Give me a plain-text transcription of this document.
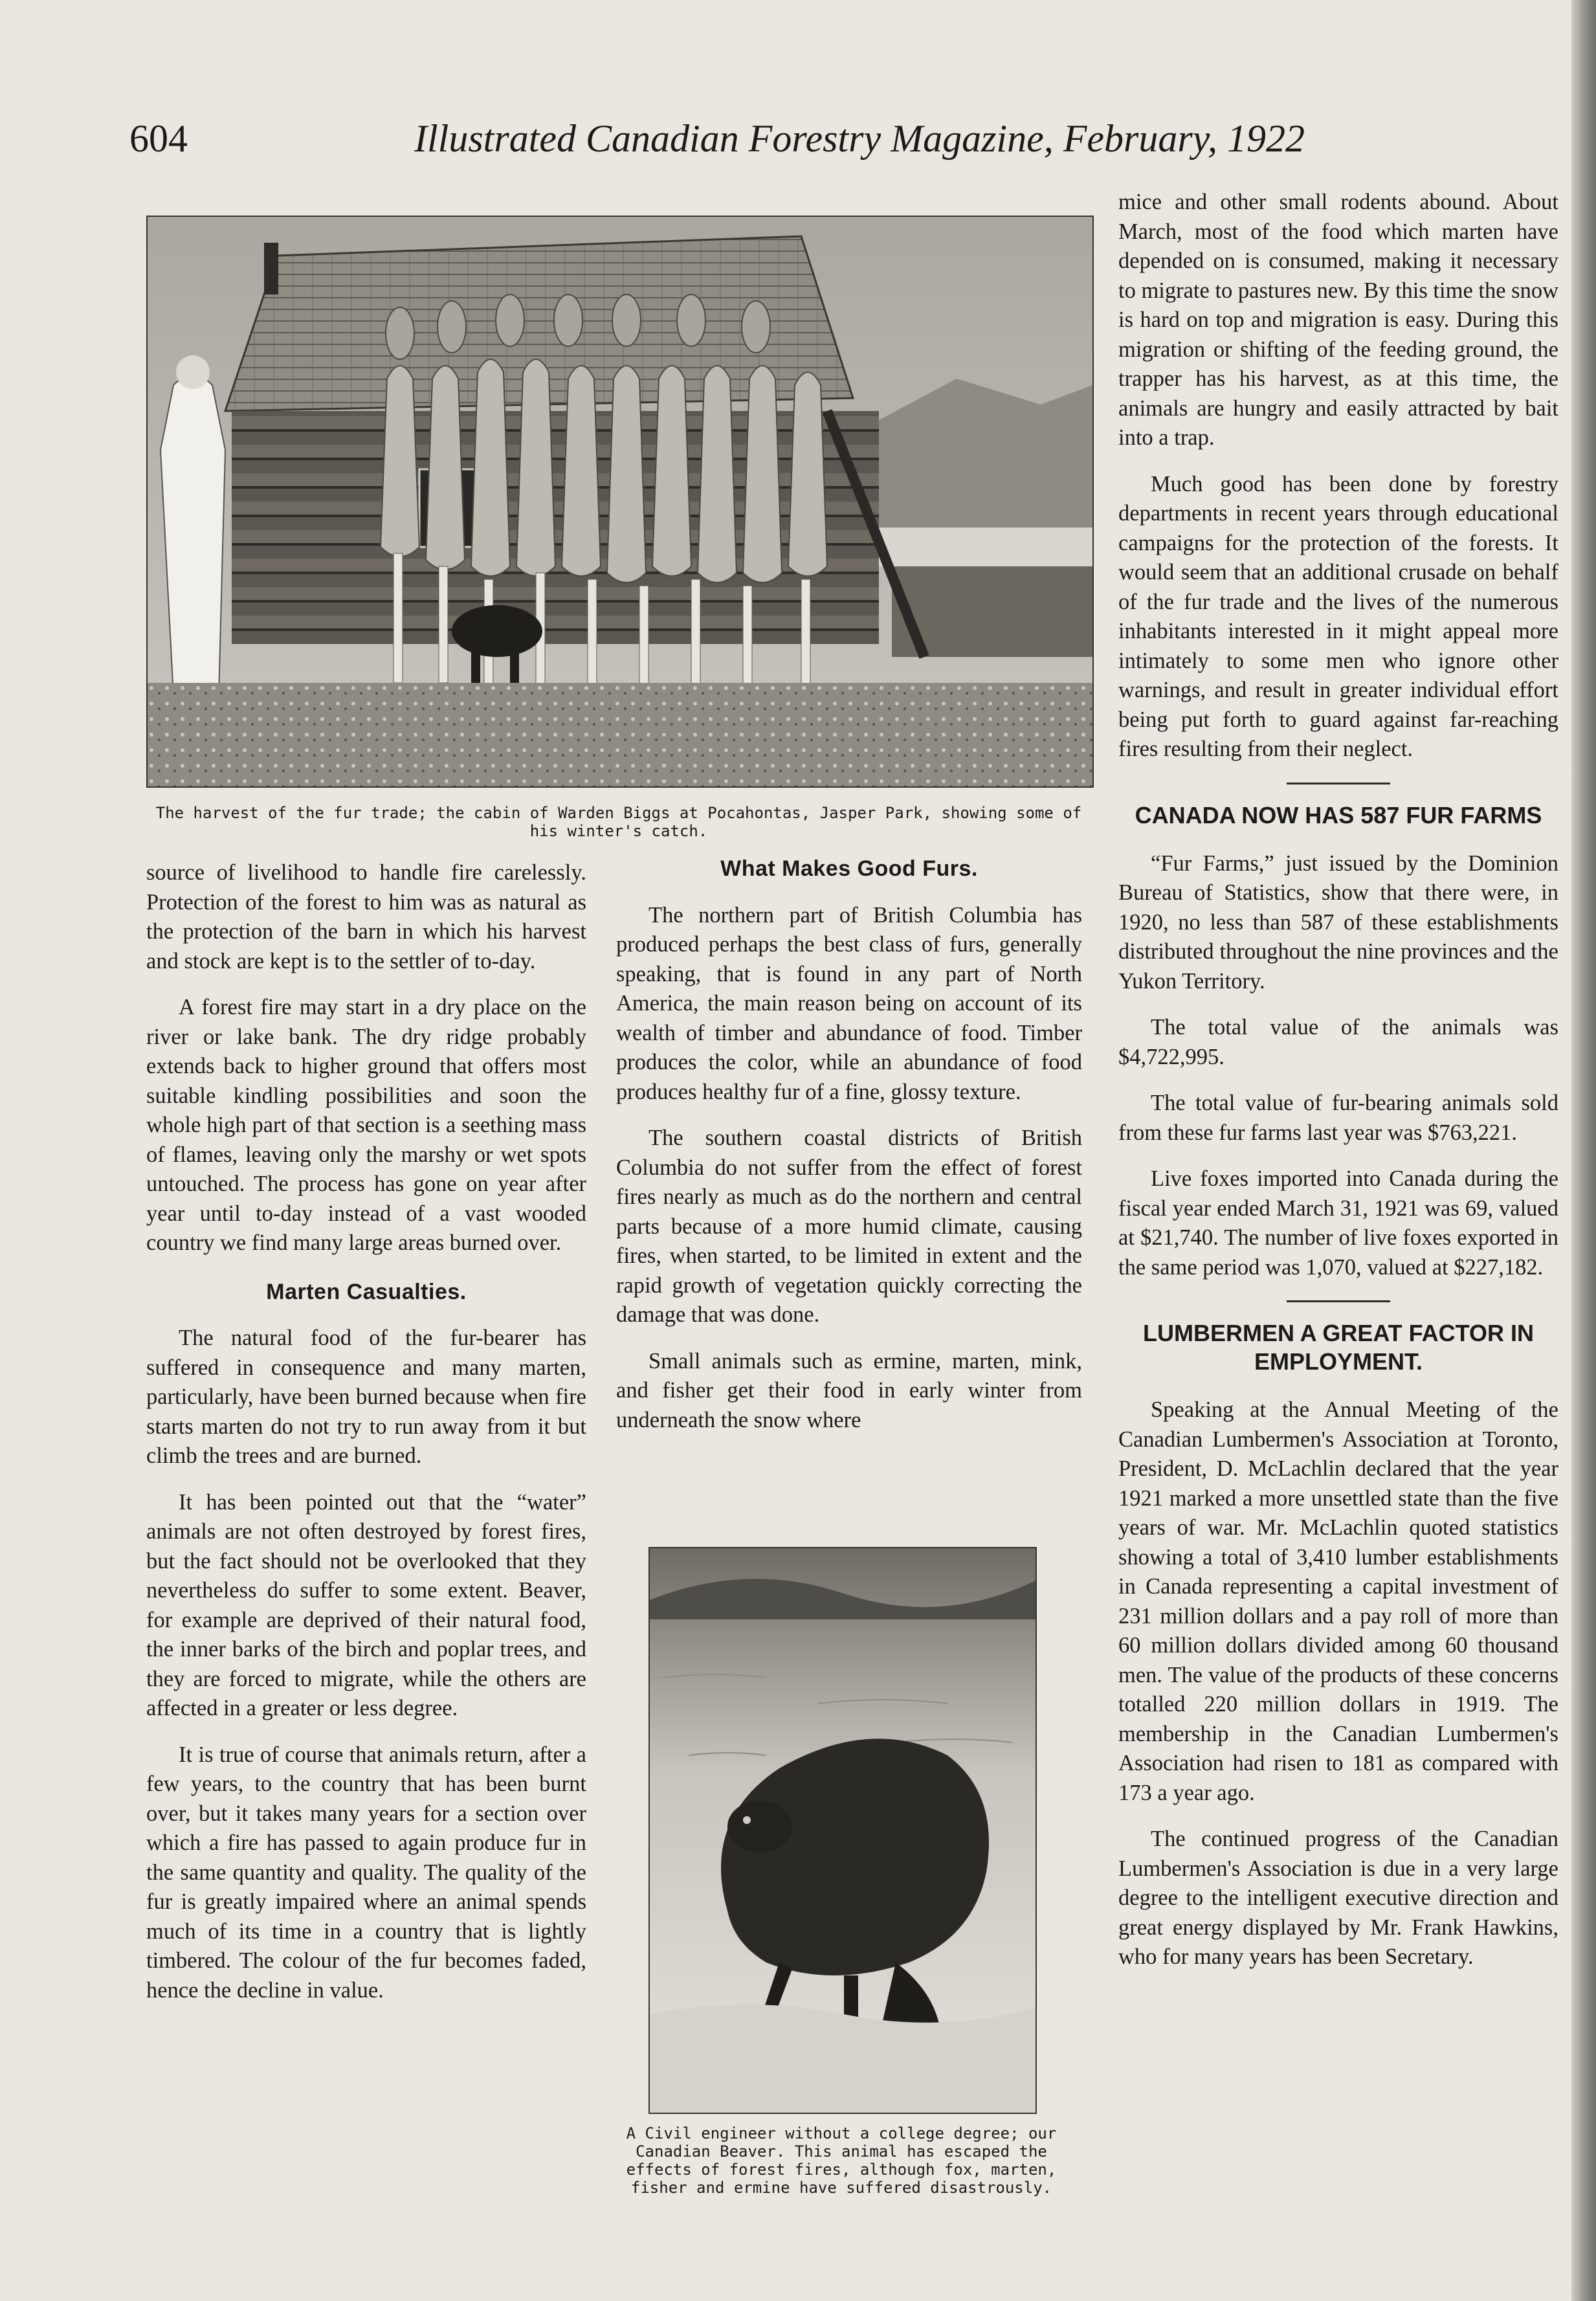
604	Illustrated Canadian Forestry Magazine, February, 1922
The harvest of the fur trade; the cabin of Warden Biggs at Pocahontas, Jasper Park, showing some of his winter's catch.

source of livelihood to handle fire carelessly. Protection of the forest to him was as natural as the protection of the barn in which his harvest and stock are kept is to the settler of to-day.

A forest fire may start in a dry place on the river or lake bank. The dry ridge probably extends back to higher ground that offers most suitable kindling possibilities and soon the whole high part of that section is a seething mass of flames, leaving only the marshy or wet spots untouched. The process has gone on year after year until to-day instead of a vast wooded country we find many large areas burned over.

Marten Casualties.

The natural food of the fur-bearer has suffered in consequence and many marten, particularly, have been burned because when fire starts marten do not try to run away from it but climb the trees and are burned.

It has been pointed out that the “water” animals are not often destroyed by forest fires, but the fact should not be overlooked that they nevertheless do suffer to some extent. Beaver, for example are deprived of their natural food, the inner barks of the birch and poplar trees, and they are forced to migrate, while the others are affected in a greater or less degree.

It is true of course that animals return, after a few years, to the country that has been burnt over, but it takes many years for a section over which a fire has passed to again produce fur in the same quantity and quality. The quality of the fur is greatly impaired where an animal spends much of its time in a country that is lightly timbered. The colour of the fur becomes faded, hence the decline in value.

What Makes Good Furs.

The northern part of British Columbia has produced perhaps the best class of furs, generally speaking, that is found in any part of North America, the main reason being on account of its wealth of timber and abundance of food. Timber produces the color, while an abundance of food produces healthy fur of a fine, glossy texture.

The southern coastal districts of British Columbia do not suffer from the effect of forest fires nearly as much as do the northern and central parts because of a more humid climate, causing fires, when started, to be limited in extent and the rapid growth of vegetation quickly correcting the damage that was done.

Small animals such as ermine, marten, mink, and fisher get their food in early winter from underneath the snow where

A Civil engineer without a college degree; our Canadian Beaver. This animal has escaped the effects of forest fires, although fox, marten, fisher and ermine have suffered disastrously.

mice and other small rodents abound. About March, most of the food which marten have depended on is consumed, making it necessary to migrate to pastures new. By this time the snow is hard on top and migration is easy. During this migration or shifting of the feeding ground, the trapper has his harvest, as at this time, the animals are hungry and easily attracted by bait into a trap.

Much good has been done by forestry departments in recent years through educational campaigns for the protection of the forests. It would seem that an additional crusade on behalf of the fur trade and the lives of the numerous inhabitants interested in it might appeal more intimately to some men who ignore other warnings, and result in greater individual effort being put forth to guard against far-reaching fires resulting from their neglect.

CANADA NOW HAS 587 FUR FARMS

“Fur Farms,” just issued by the Dominion Bureau of Statistics, show that there were, in 1920, no less than 587 of these establishments distributed throughout the nine provinces and the Yukon Territory.

The total value of the animals was $4,722,995.

The total value of fur-bearing animals sold from these fur farms last year was $763,221.

Live foxes imported into Canada during the fiscal year ended March 31, 1921 was 69, valued at $21,740. The number of live foxes exported in the same period was 1,070, valued at $227,182.

LUMBERMEN A GREAT FACTOR IN EMPLOYMENT.

Speaking at the Annual Meeting of the Canadian Lumbermen's Association at Toronto, President, D. McLachlin declared that the year 1921 marked a more unsettled state than the five years of war. Mr. McLachlin quoted statistics showing a total of 3,410 lumber establishments in Canada representing a capital investment of 231 million dollars and a pay roll of more than 60 million dollars divided among 60 thousand men. The value of the products of these concerns totalled 220 million dollars in 1919. The membership in the Canadian Lumbermen's Association had risen to 181 as compared with 173 a year ago.

The continued progress of the Canadian Lumbermen's Association is due in a very large degree to the intelligent executive direction and great energy displayed by Mr. Frank Hawkins, who for many years has been Secretary.
